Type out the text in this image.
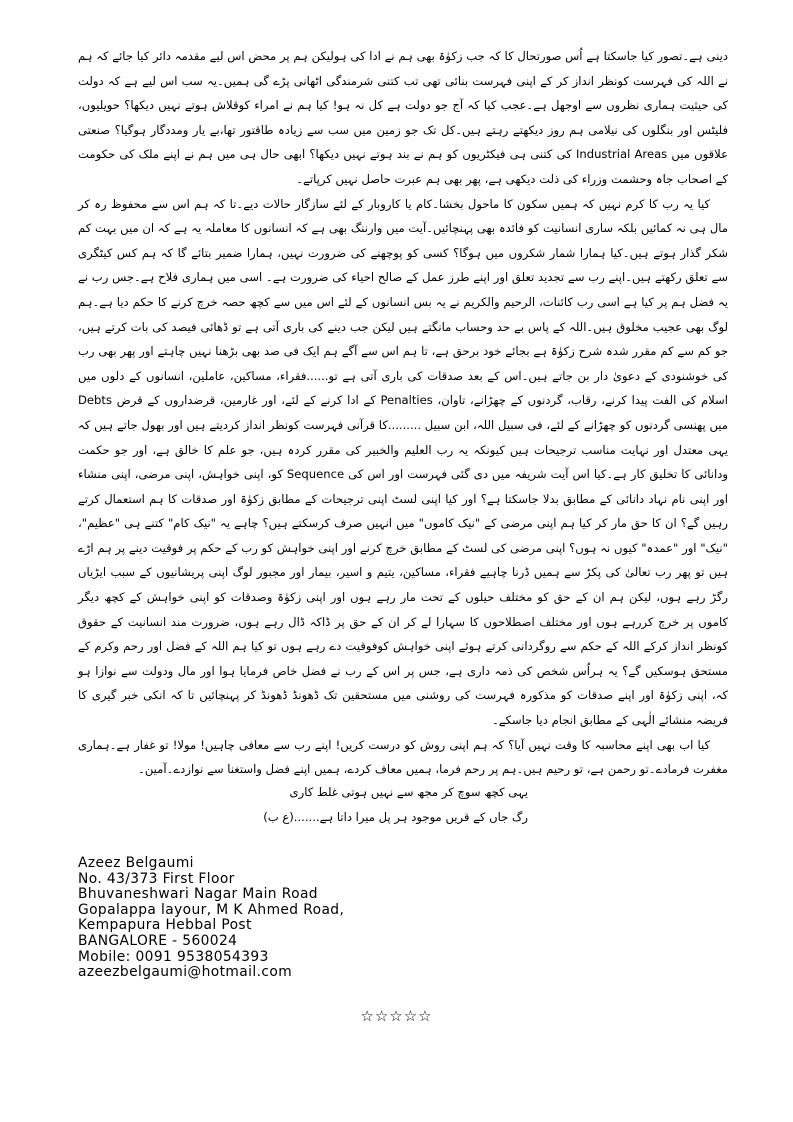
دینی ہے۔تصور کیا جاسکتا ہے اُس صورتحال کا کہ جب زکوٰۃ بھی ہم نے ادا کی ہولیکن ہم پر محض اس لیے مقدمہ دائر کیا جائے کہ ہم نے اللہ کی فہرست کونظر انداز کر کے اپنی فہرست بنائی تھی تب کتنی شرمندگی اٹھانی پڑے گی ہمیں۔یہ سب اس لیے ہے کہ دولت کی حیثیت ہماری نظروں سے اوجھل ہے۔عجب کیا کہ آج جو دولت ہے کل نہ ہو! کیا ہم نے امراء کوقلاش ہوتے نہیں دیکھا؟ حویلیوں، فلیٹس اور بنگلوں کی نیلامی ہم روز دیکھتے رہتے ہیں۔کل تک جو زمین میں سب سے زیادہ طاقتور تھا،بے یار ومددگار ہوگیا؟ صنعتی علاقوں میں Industrial Areas کی کتنی ہی فیکٹریوں کو ہم نے بند ہوتے نہیں دیکھا؟ ابھی حال ہی میں ہم نے اپنے ملک کی حکومت کے اصحاب جاہ وحشمت وزراء کی ذلت دیکھی ہے، پھر بھی ہم عبرت حاصل نہیں کرپاتے۔

کیا یہ رب کا کرم نہیں کہ ہمیں سکون کا ماحول بخشا۔کام یا کاروبار کے لئے سازگار حالات دیے۔تا کہ ہم اس سے محفوظ رہ کر مال ہی نہ کمائیں بلکہ ساری انسانیت کو فائدہ بھی پہنچائیں۔آیت میں وارننگ بھی ہے کہ انسانوں کا معاملہ یہ ہے کہ ان میں بہت کم شکر گذار ہوتے ہیں۔کیا ہمارا شمار شکروں میں ہوگا؟ کسی کو پوچھنے کی ضرورت نہیں، ہمارا ضمیر بتائے گا کہ ہم کس کیٹگری سے تعلق رکھتے ہیں۔اپنے رب سے تجدید تعلق اور اپنے طرز عمل کے صالح احیاء کی ضرورت ہے۔ اسی میں ہماری فلاح ہے۔جس رب نے یہ فضل ہم پر کیا ہے اسی رب کائنات، الرحیم والکریم نے یہ بس انسانوں کے لئے اس میں سے کچھ حصہ خرچ کرنے کا حکم دیا ہے۔ہم لوگ بھی عجیب مخلوق ہیں۔اللہ کے پاس بے حد وحساب مانگتے ہیں لیکن جب دینے کی باری آتی ہے تو ڈھائی فیصد کی بات کرتے ہیں، جو کم سے کم مقرر شدہ شرح زکوٰۃ ہے بجائے خود برحق ہے، تا ہم اس سے آگے ہم ایک فی صد بھی بڑھنا نہیں چاہتے اور پھر بھی رب کی خوشنودی کے دعویٰ دار بن جاتے ہیں۔اس کے بعد صدقات کی باری آتی ہے تو......فقراء، مساکین، عاملین، انسانوں کے دلوں میں اسلام کی الفت پیدا کرنے، رقاب، گردنوں کے چھڑانے، تاوان، Penalties کے ادا کرنے کے لئے، اور غارمین، قرضداروں کے قرض Debts میں پھنسی گردنوں کو چھڑانے کے لئے، فی سبیل اللہ، ابن سبیل .........کا قرآنی فہرست کونظر انداز کردیتے ہیں اور بھول جاتے ہیں کہ یہی معتدل اور نہایت مناسب ترجیحات ہیں کیونکہ یہ رب العلیم والخبیر کی مقرر کردہ ہیں، جو علم کا خالق ہے، اور جو حکمت ودانائی کا تخلیق کار ہے۔کیا اس آیت شریفہ میں دی گئی فہرست اور اس کی Sequence کو، اپنی خواہش، اپنی مرضی، اپنی منشاء اور اپنی نام نہاد دانائی کے مطابق بدلا جاسکتا ہے؟ اور کیا اپنی لسٹ اپنی ترجیحات کے مطابق زکوٰۃ اور صدقات کا ہم استعمال کرتے رہیں گے؟ ان کا حق مار کر کیا ہم اپنی مرضی کے "نیک کاموں" میں انہیں صرف کرسکتے ہیں؟ چاہے یہ "نیک کام" کتنے ہی "عظیم"، "نیک" اور "عمدہ" کیوں نہ ہوں؟ اپنی مرضی کی لسٹ کے مطابق خرچ کرنے اور اپنی خواہش کو رب کے حکم پر فوقیت دینے پر ہم اڑے ہیں تو پھر رب تعالیٰ کی پکڑ سے ہمیں ڈرنا چاہیے فقراء، مساکین، یتیم و اسیر، بیمار اور مجبور لوگ اپنی پریشانیوں کے سبب ایڑیاں رگڑ رہے ہوں، لیکن ہم ان کے حق کو مختلف حیلوں کے تحت مار رہے ہوں اور اپنی زکوٰۃ وصدقات کو اپنی خواہش کے کچھ دیگر کاموں پر خرچ کررہے ہوں اور مختلف اصطلاحوں کا سہارا لے کر ان کے حق پر ڈاکہ ڈال رہے ہوں، ضرورت مند انسانیت کے حقوق کونظر انداز کرکے اللہ کے حکم سے روگردانی کرتے ہوئے اپنی خواہش کوفوقیت دے رہے ہوں تو کیا ہم اللہ کے فضل اور رحم وکرم کے مستحق ہوسکیں گے؟ یہ ہراُس شخص کی ذمہ داری ہے، جس پر اس کے رب نے فضل خاص فرمایا ہوا اور مال ودولت سے نوازا ہو کہ، اپنی زکوٰۃ اور اپنے صدقات کو مذکورہ فہرست کی روشنی میں مستحقین تک ڈھونڈ ڈھونڈ کر پہنچائیں تا کہ انکی خبر گیری کا فریضہ منشائے الٰہی کے مطابق انجام دیا جاسکے۔

کیا اب بھی اپنے محاسبہ کا وقت نہیں آیا؟ کہ ہم اپنی روش کو درست کریں! اپنے رب سے معافی چاہیں! مولا! تو غفار ہے۔ہماری مغفرت فرمادے۔تو رحمن ہے، تو رحیم ہیں۔ہم پر رحم فرما، ہمیں معاف کردے، ہمیں اپنے فضل واستغنا سے نوازدے۔آمین۔

یہی کچھ سوچ کر مجھ سے نہیں ہوتی غلط کاری

رگ جاں کے قریں موجود ہر پل میرا داتا ہے.......(ع ب)

Azeez Belgaumi
No. 43/373 First Floor
Bhuvaneshwari Nagar Main Road
Gopalappa layour, M K Ahmed Road,
Kempapura Hebbal Post
BANGALORE - 560024
Mobile: 0091 9538054393
azeezbelgaumi@hotmail.com
☆☆☆☆☆
